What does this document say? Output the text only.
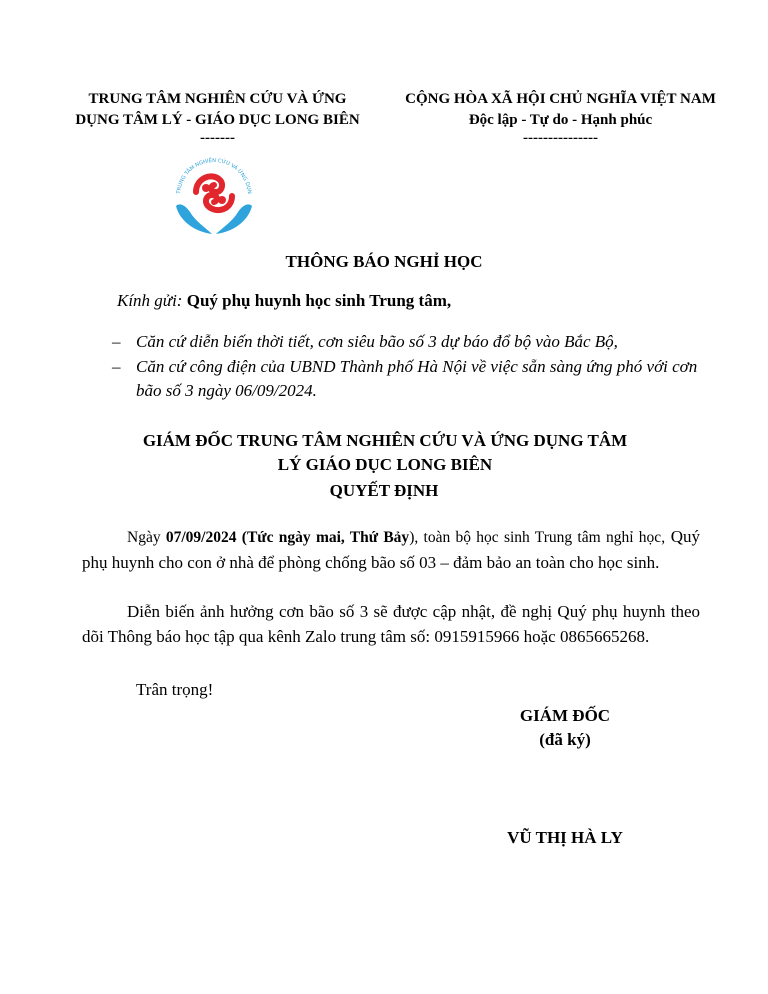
TRUNG TÂM NGHIÊN CỨU VÀ ỨNG
DỤNG TÂM LÝ - GIÁO DỤC LONG BIÊN
-------
CỘNG HÒA XÃ HỘI CHỦ NGHĨA VIỆT NAM
Độc lập - Tự do - Hạnh phúc
---------------
TRUNG TÂM NGHIÊN CỨU VÀ ỨNG DỤN
THÔNG BÁO NGHỈ HỌC
Kính gửi: Quý phụ huynh học sinh Trung tâm,
– Căn cứ diễn biến thời tiết, cơn siêu bão số 3 dự báo đổ bộ vào Bắc Bộ,
– Căn cứ công điện của UBND Thành phố Hà Nội về việc sẵn sàng ứng phó với cơn bão số 3 ngày 06/09/2024.
GIÁM ĐỐC TRUNG TÂM NGHIÊN CỨU VÀ ỨNG DỤNG TÂM
LÝ GIÁO DỤC LONG BIÊN
QUYẾT ĐỊNH
Ngày 07/09/2024 (Tức ngày mai, Thứ Bảy), toàn bộ học sinh Trung tâm nghỉ học, Quý phụ huynh cho con ở nhà để phòng chống bão số 03 – đảm bảo an toàn cho học sinh.
Diễn biến ảnh hưởng cơn bão số 3 sẽ được cập nhật, đề nghị Quý phụ huynh theo dõi Thông báo học tập qua kênh Zalo trung tâm số: 0915915966 hoặc 0865665268.
Trân trọng!
GIÁM ĐỐC
(đã ký)
VŨ THỊ HÀ LY
